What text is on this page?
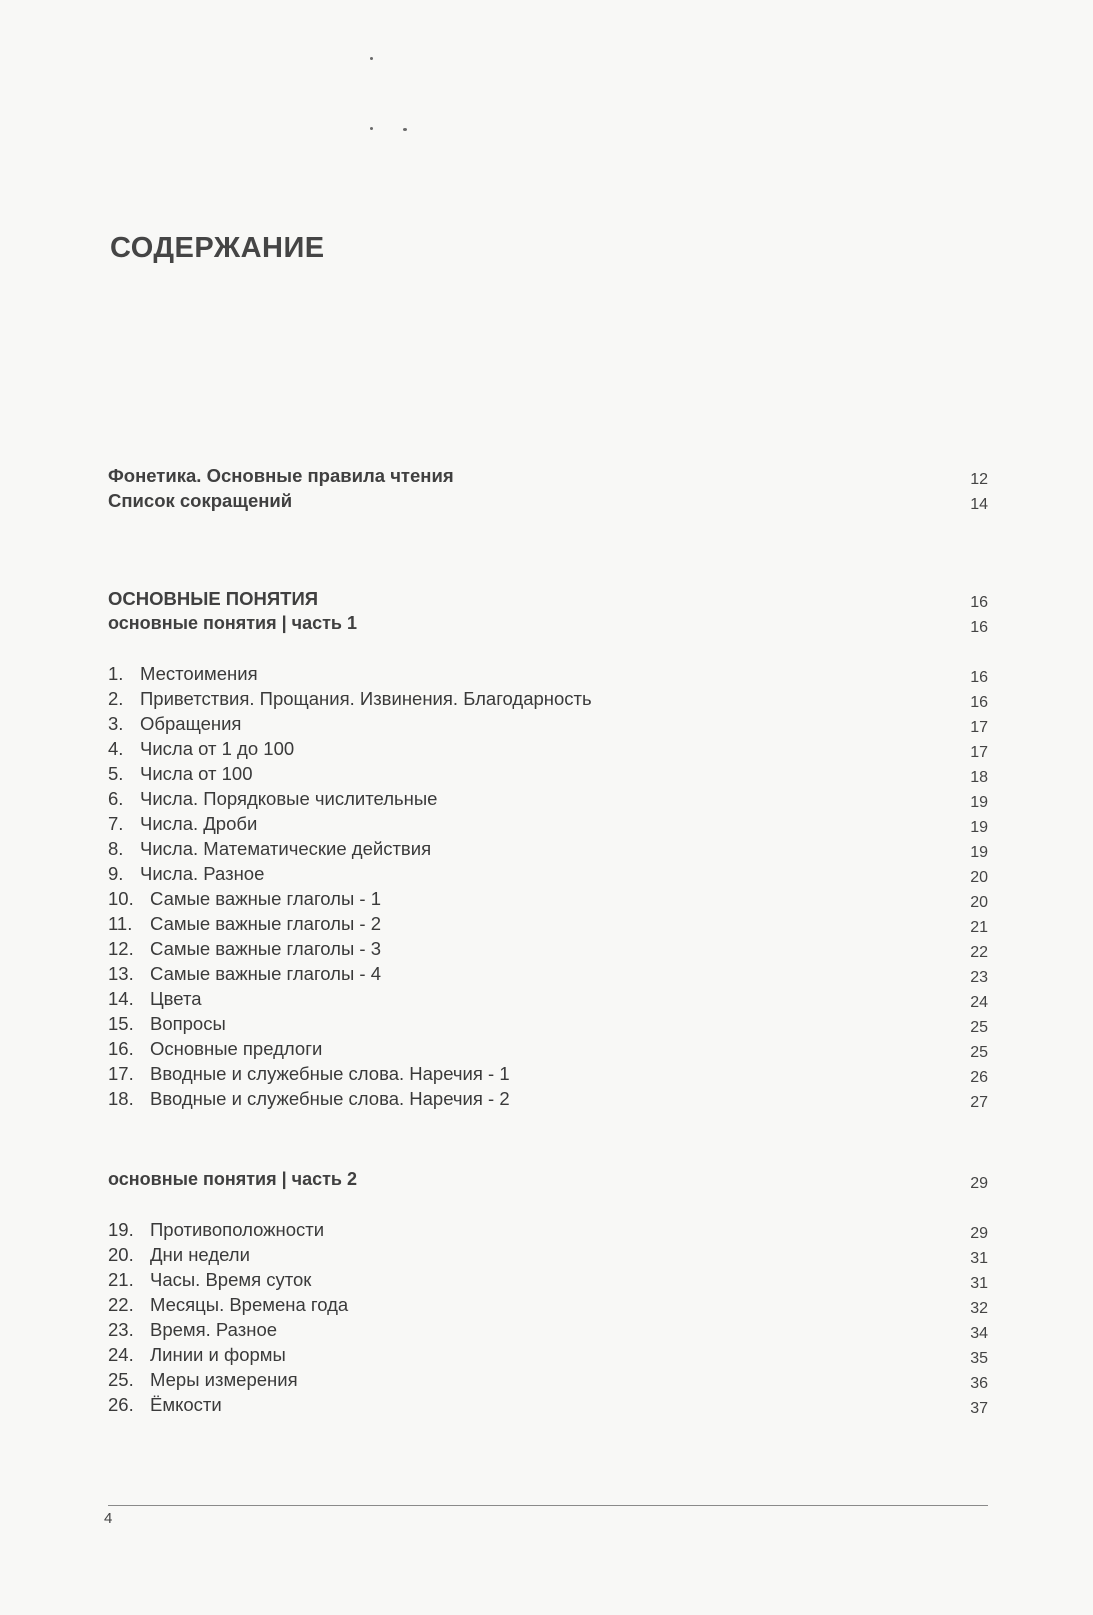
СОДЕРЖАНИЕ
Фонетика. Основные правила чтения	12
Список сокращений	14
ОСНОВНЫЕ ПОНЯТИЯ	16
основные понятия | часть 1	16
1. Местоимения	16
2. Приветствия. Прощания. Извинения. Благодарность	16
3. Обращения	17
4. Числа от 1 до 100	17
5. Числа от 100	18
6. Числа. Порядковые числительные	19
7. Числа. Дроби	19
8. Числа. Математические действия	19
9. Числа. Разное	20
10. Самые важные глаголы - 1	20
11. Самые важные глаголы - 2	21
12. Самые важные глаголы - 3	22
13. Самые важные глаголы - 4	23
14. Цвета	24
15. Вопросы	25
16. Основные предлоги	25
17. Вводные и служебные слова. Наречия - 1	26
18. Вводные и служебные слова. Наречия - 2	27
основные понятия | часть 2	29
19. Противоположности	29
20. Дни недели	31
21. Часы. Время суток	31
22. Месяцы. Времена года	32
23. Время. Разное	34
24. Линии и формы	35
25. Меры измерения	36
26. Ёмкости	37
4
